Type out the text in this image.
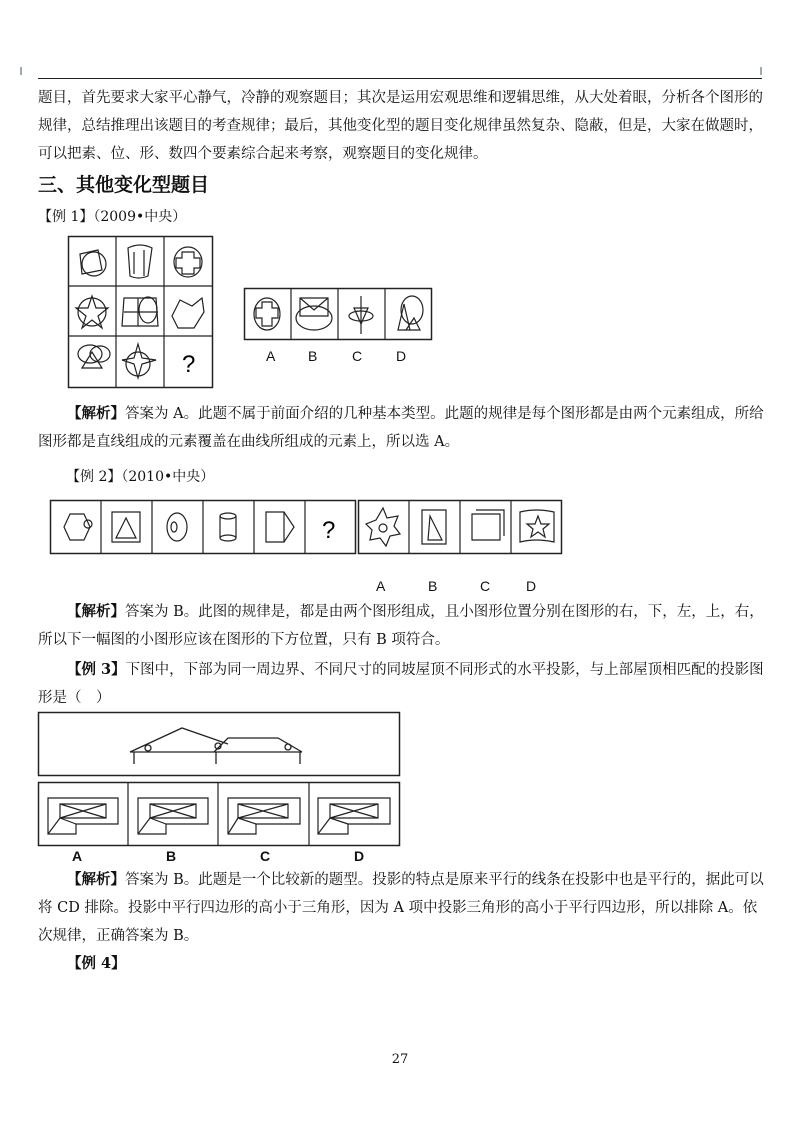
题目，首先要求大家平心静气，冷静的观察题目；其次是运用宏观思维和逻辑思维，从大处着眼，分析各个图形的规律，总结推理出该题目的考查规律；最后，其他变化型的题目变化规律虽然复杂、隐蔽，但是，大家在做题时，可以把素、位、形、数四个要素综合起来考察，观察题目的变化规律。

三、其他变化型题目
【例 1】（2009•中央）
?	A B C D

【解析】答案为 A。此题不属于前面介绍的几种基本类型。此题的规律是每个图形都是由两个元素组成，所给图形都是直线组成的元素覆盖在曲线所组成的元素上，所以选 A。

【例 2】（2010•中央）
?
A	B	C	D

【解析】答案为 B。此图的规律是，都是由两个图形组成，且小图形位置分别在图形的右，下，左，上，右，所以下一幅图的小图形应该在图形的下方位置，只有 B 项符合。

【例 3】下图中，下部为同一周边界、不同尺寸的同坡屋顶不同形式的水平投影，与上部屋顶相匹配的投影图形是（　）

A	B	C	D

【解析】答案为 B。此题是一个比较新的题型。投影的特点是原来平行的线条在投影中也是平行的，据此可以将 CD 排除。投影中平行四边形的高小于三角形，因为 A 项中投影三角形的高小于平行四边形，所以排除 A。依次规律，正确答案为 B。

【例 4】

27
